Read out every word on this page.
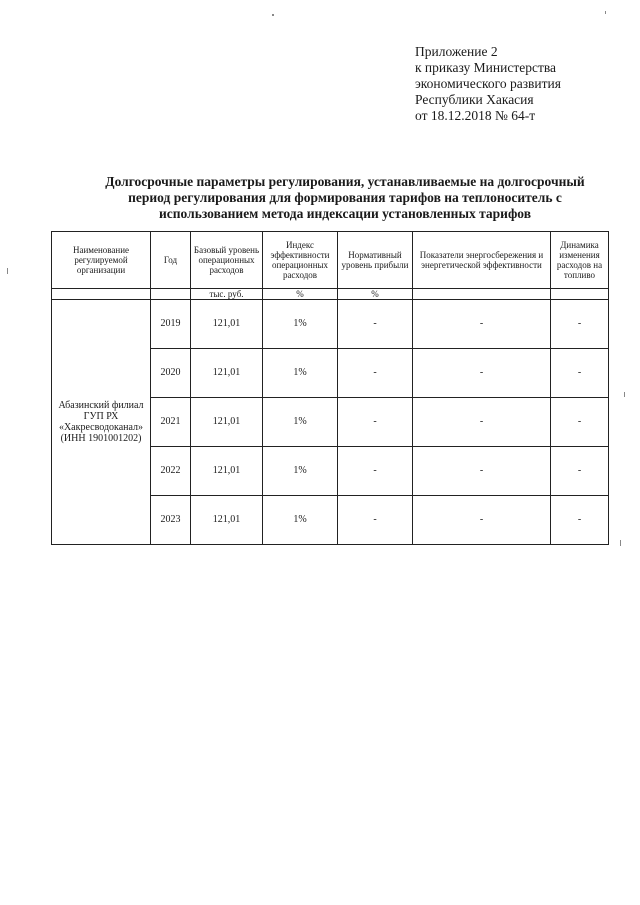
Приложение 2
к приказу Министерства
экономического развития
Республики Хакасия
от 18.12.2018 № 64-т
Долгосрочные параметры регулирования, устанавливаемые на долгосрочный
период регулирования для формирования тарифов на теплоноситель с
использованием метода индексации установленных тарифов
Наименование регулируемой организации	Год	Базовый уровень операционных расходов	Индекс эффективности операционных расходов	Нормативный уровень прибыли	Показатели энергосбережения и энергетической эффективности	Динамика изменения расходов на топливо
		тыс. руб.	%	%		

Абазинский филиал
ГУП РХ
«Хакресводоканал»
(ИНН 1901001202)	2019	121,01	1%	-	-	-
	2020	121,01	1%	-	-	-
	2021	121,01	1%	-	-	-
	2022	121,01	1%	-	-	-
	2023	121,01	1%	-	-	-
